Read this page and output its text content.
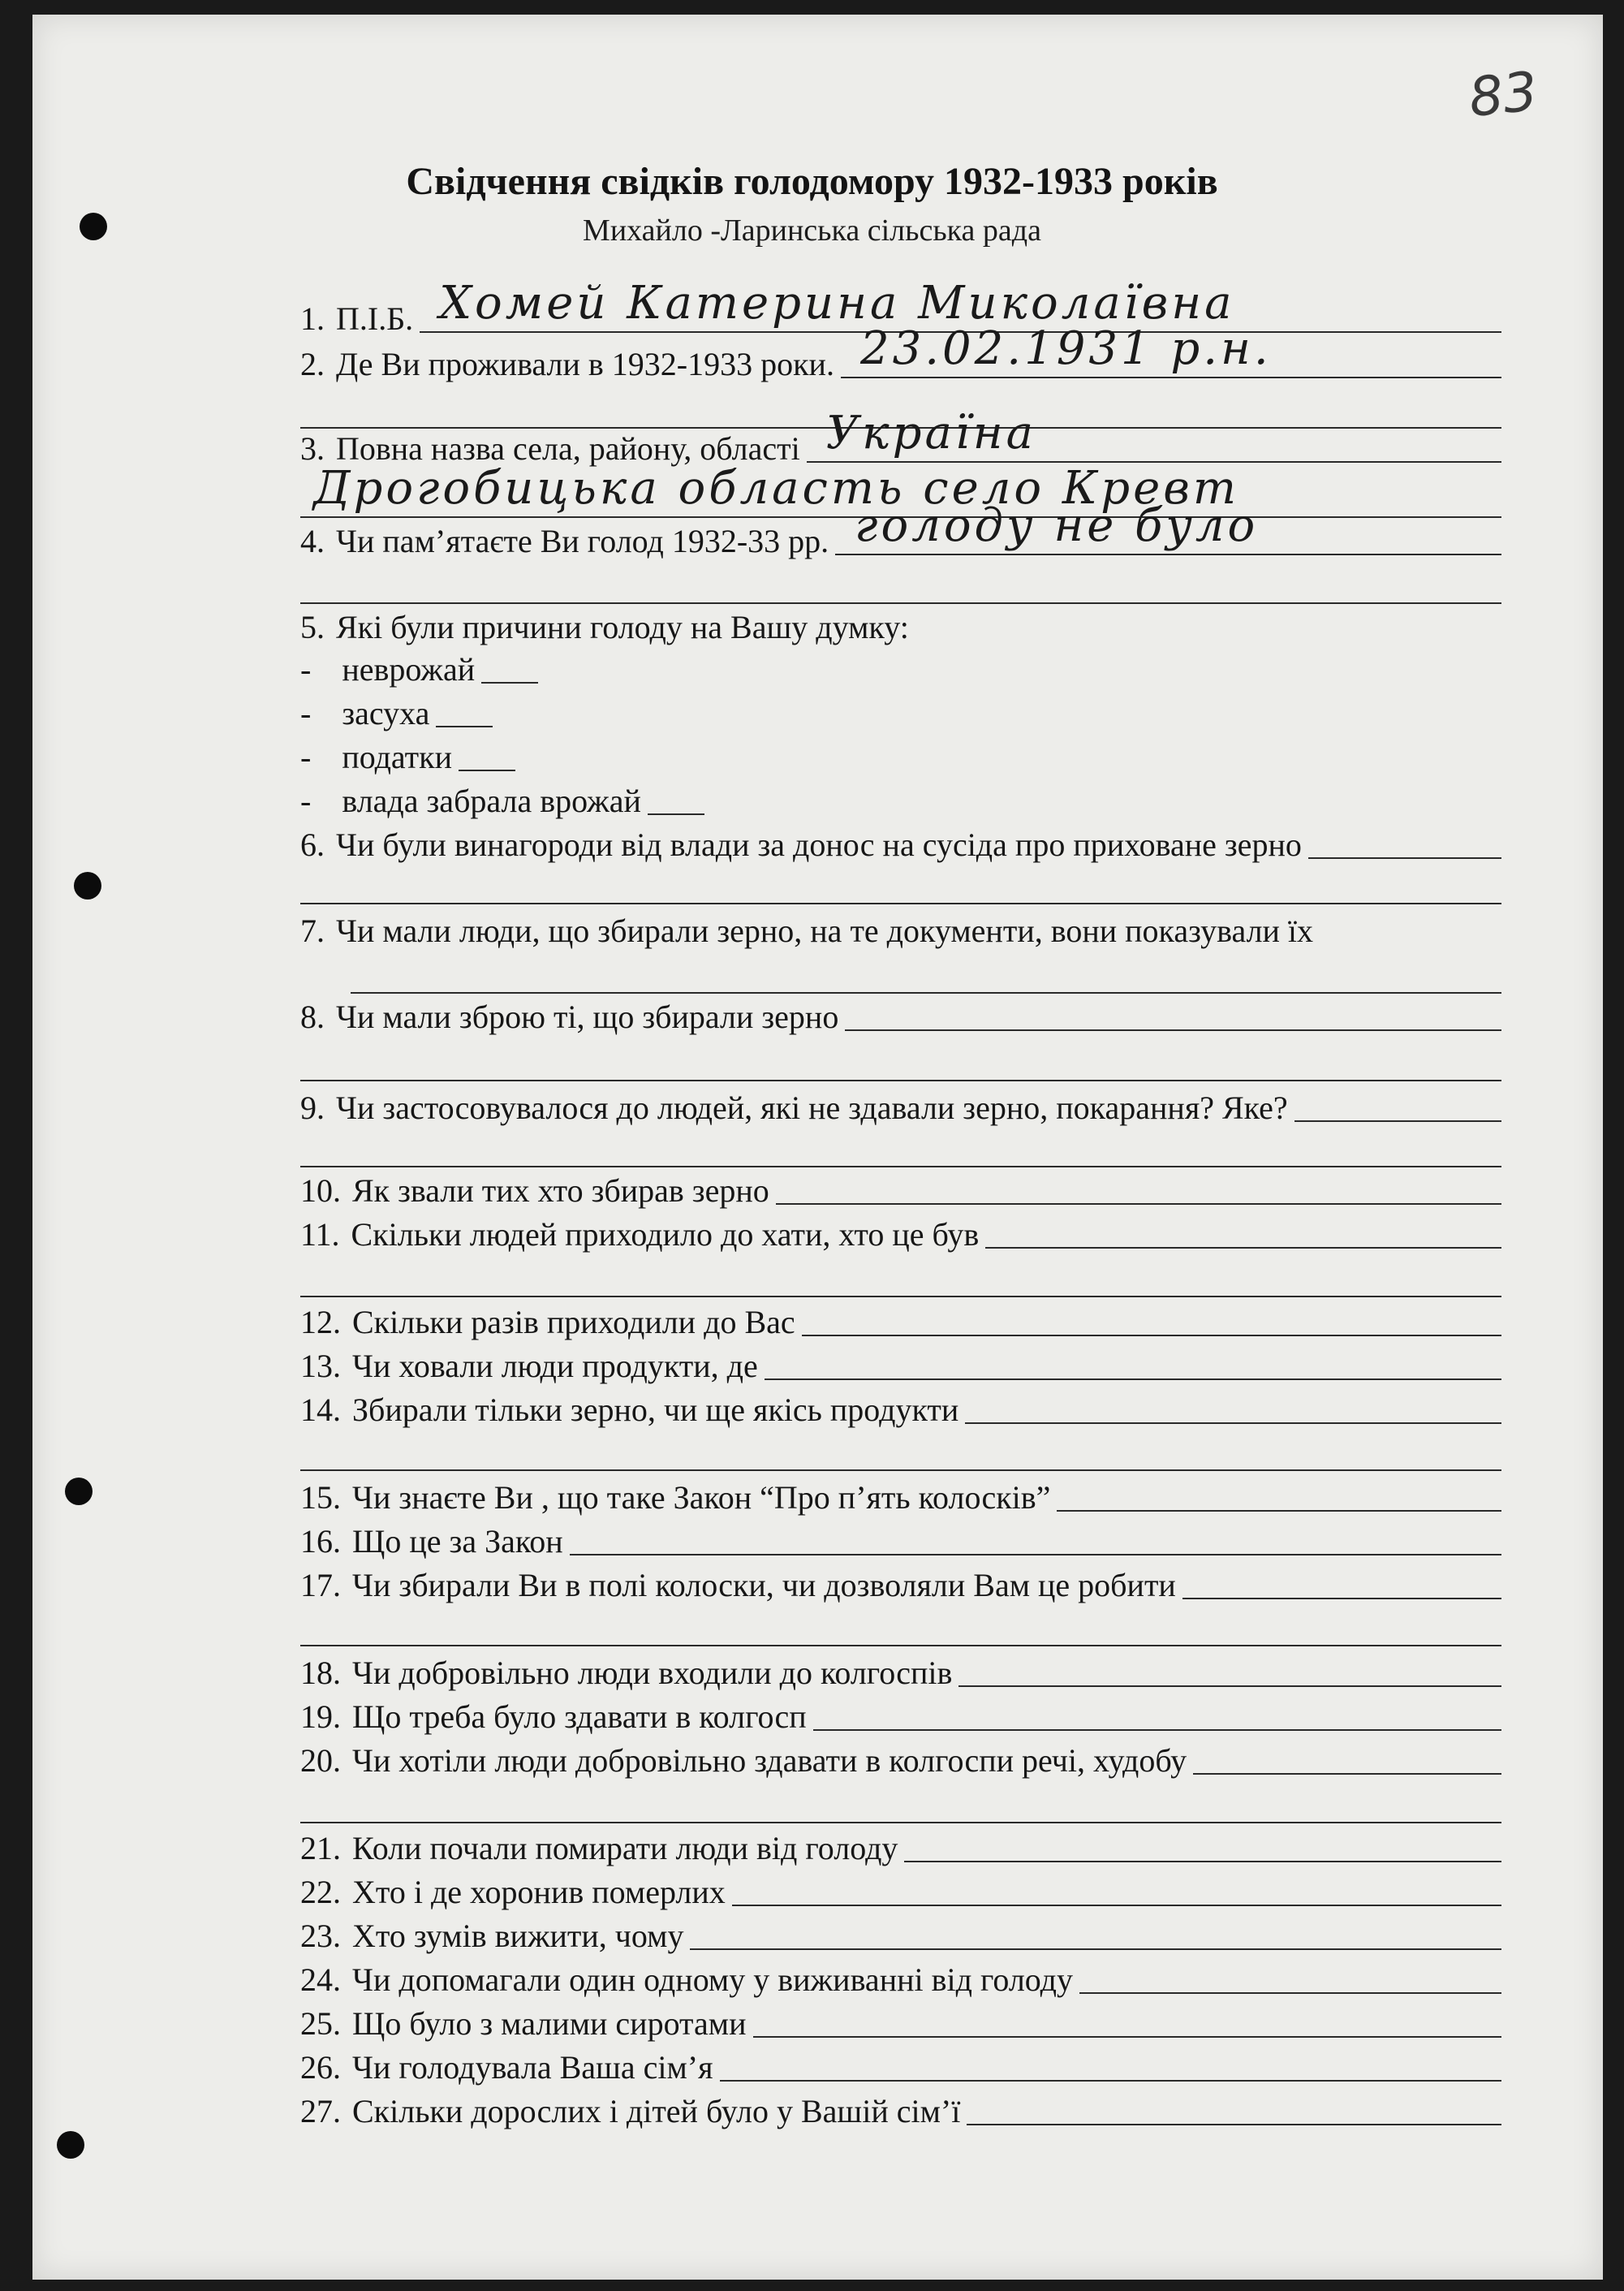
83
Свідчення свідків голодомору 1932-1933 років
Михайло -Ларинська сільська рада
1. П.І.Б. Хомей Катерина Миколаївна
2. Де Ви проживали в 1932-1933 роки. 23.02.1931 р.н.
3. Повна назва села, району, області Україна
Дрогобицька область село Кревт
4. Чи пам’ятаєте Ви голод 1932-33 рр. голоду не було
5. Які були причини голоду на Вашу думку:
- неврожай
- засуха
- податки
- влада забрала врожай
6. Чи були винагороди від влади за донос на сусіда про приховане зерно
7. Чи мали люди, що збирали зерно, на те документи, вони показували їх
8. Чи мали зброю ті, що збирали зерно
9. Чи застосовувалося до людей, які не здавали зерно, покарання? Яке?
10. Як звали тих хто збирав зерно
11. Скільки людей приходило до хати, хто це був
12. Скільки разів приходили до Вас
13. Чи ховали люди продукти, де
14. Збирали тільки зерно, чи ще якісь продукти
15. Чи знаєте Ви , що таке Закон “Про п’ять колосків”
16. Що це за Закон
17. Чи збирали Ви в полі колоски, чи дозволяли Вам це робити
18. Чи добровільно люди входили до колгоспів
19. Що треба було здавати в колгосп
20. Чи хотіли люди добровільно здавати в колгоспи речі, худобу
21. Коли почали помирати люди від голоду
22. Хто і де хоронив померлих
23. Хто зумів вижити, чому
24. Чи допомагали один одному у виживанні від голоду
25. Що було з малими сиротами
26. Чи голодувала Ваша сім’я
27. Скільки дорослих і дітей було у Вашій сім’ї
